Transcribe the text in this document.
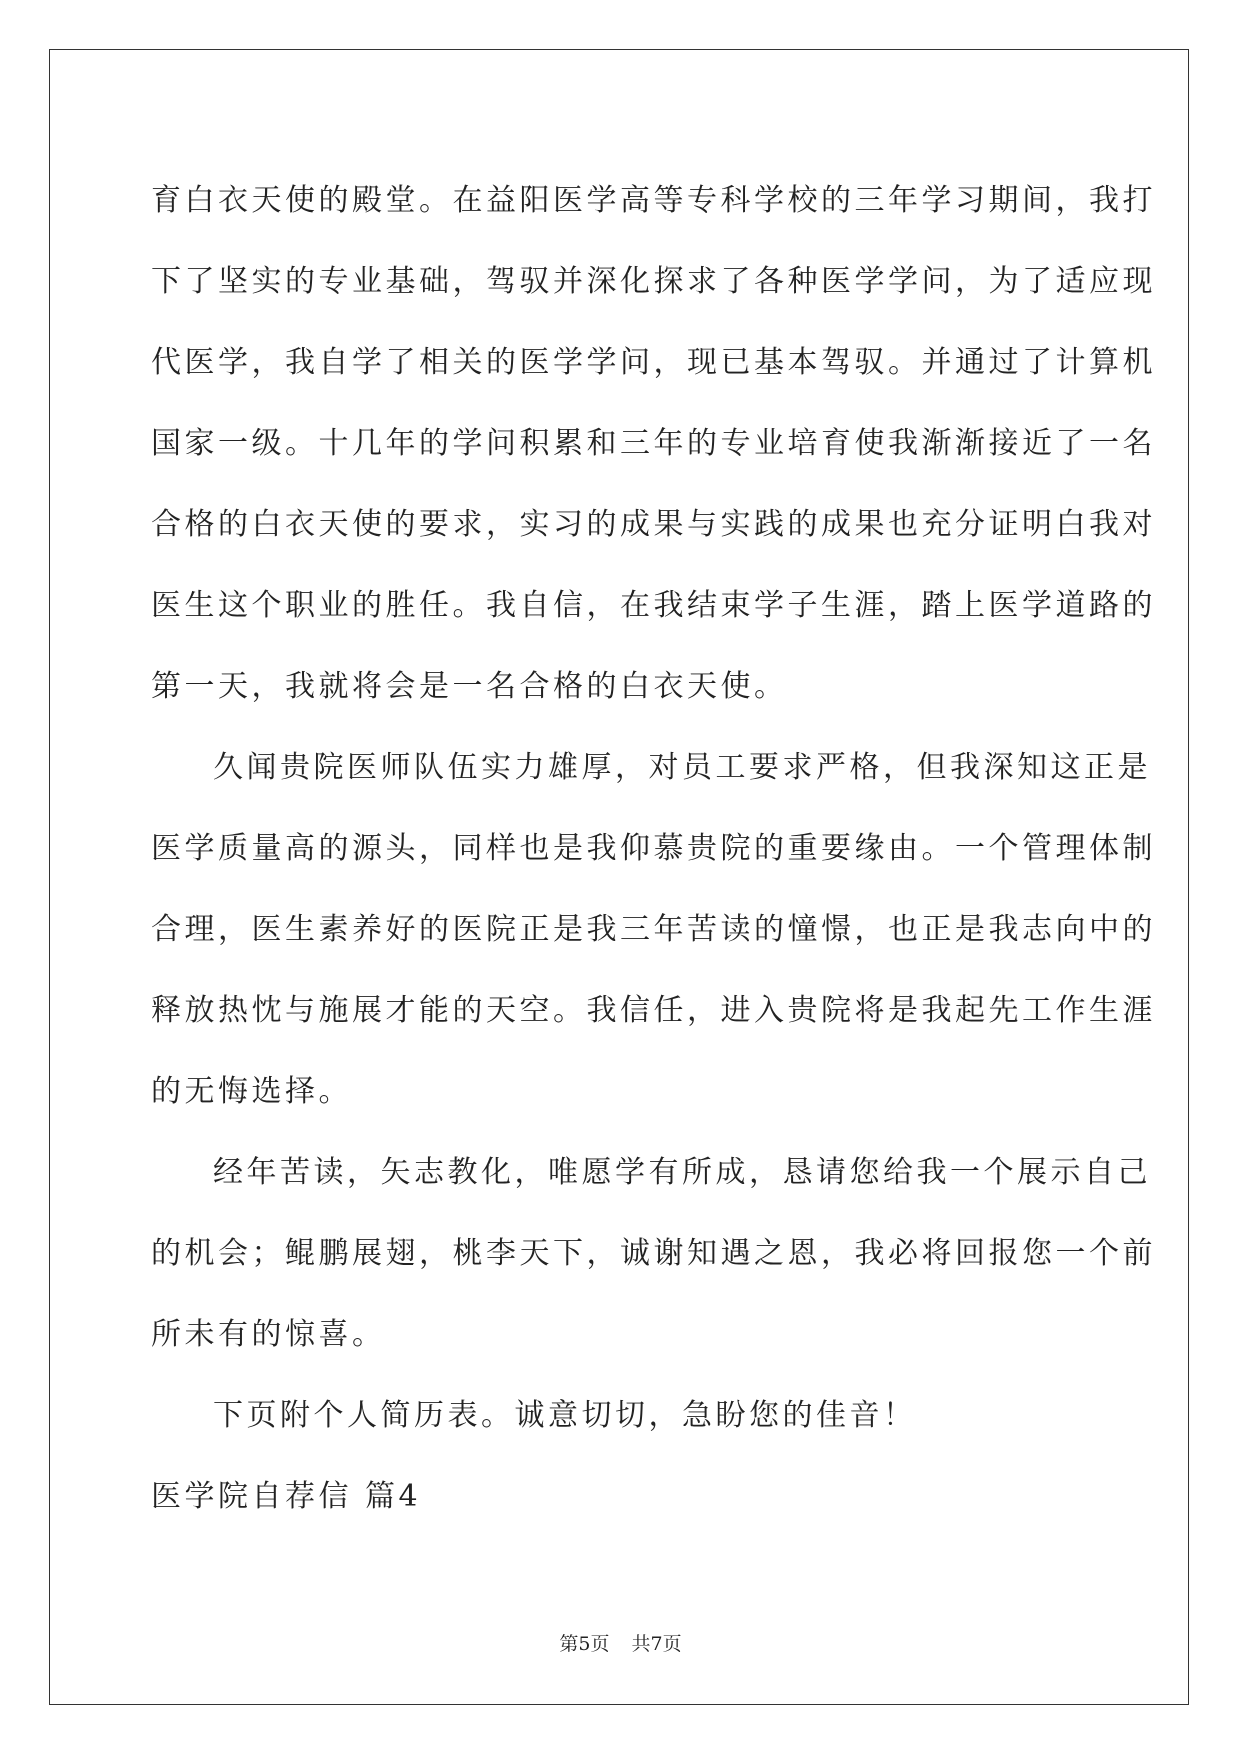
育白衣天使的殿堂。在益阳医学高等专科学校的三年学习期间，我打
下了坚实的专业基础，驾驭并深化探求了各种医学学问，为了适应现
代医学，我自学了相关的医学学问，现已基本驾驭。并通过了计算机
国家一级。十几年的学问积累和三年的专业培育使我渐渐接近了一名
合格的白衣天使的要求，实习的成果与实践的成果也充分证明白我对
医生这个职业的胜任。我自信，在我结束学子生涯，踏上医学道路的
第一天，我就将会是一名合格的白衣天使。

久闻贵院医师队伍实力雄厚，对员工要求严格，但我深知这正是
医学质量高的源头，同样也是我仰慕贵院的重要缘由。一个管理体制
合理，医生素养好的医院正是我三年苦读的憧憬，也正是我志向中的
释放热忱与施展才能的天空。我信任，进入贵院将是我起先工作生涯
的无悔选择。

经年苦读，矢志教化，唯愿学有所成，恳请您给我一个展示自己
的机会；鲲鹏展翅，桃李天下，诚谢知遇之恩，我必将回报您一个前
所未有的惊喜。

下页附个人简历表。诚意切切，急盼您的佳音！

医学院自荐信 篇4
第5页 共7页
